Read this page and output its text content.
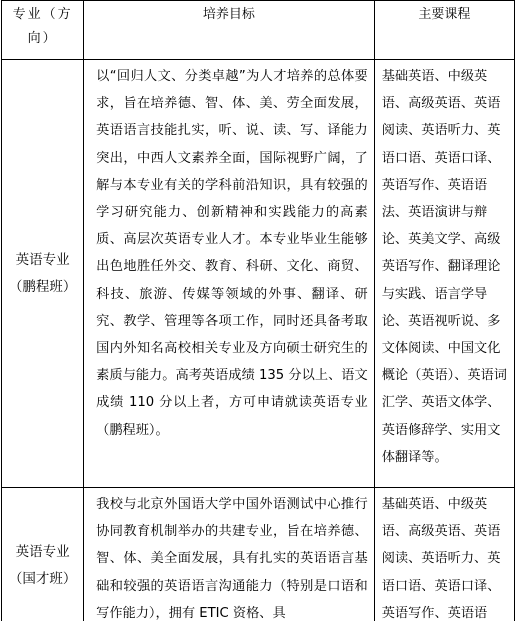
专业（方向）	培养目标	主要课程

英语专业
（鹏程班）	以“回归人文、分类卓越”为人才培养的总体要求，旨在培养德、智、体、美、劳全面发展，英语语言技能扎实，听、说、读、写、译能力突出，中西人文素养全面，国际视野广阔，了解与本专业有关的学科前沿知识，具有较强的学习研究能力、创新精神和实践能力的高素质、高层次英语专业人才。本专业毕业生能够出色地胜任外交、教育、科研、文化、商贸、科技、旅游、传媒等领域的外事、翻译、研究、教学、管理等各项工作，同时还具备考取国内外知名高校相关专业及方向硕士研究生的素质与能力。高考英语成绩 135 分以上、语文成绩 110 分以上者，方可申请就读英语专业（鹏程班）。	基础英语、中级英语、高级英语、英语阅读、英语听力、英语口语、英语口译、英语写作、英语语法、英语演讲与辩论、英美文学、高级英语写作、翻译理论与实践、语言学导论、英语视听说、多文体阅读、中国文化概论（英语）、英语词汇学、英语文体学、英语修辞学、实用文体翻译等。

英语专业
（国才班）	我校与北京外国语大学中国外语测试中心推行协同教育机制举办的共建专业，旨在培养德、智、体、美全面发展，具有扎实的英语语言基础和较强的英语语言沟通能力（特别是口语和写作能力），拥有 ETIC 资格、具	基础英语、中级英语、高级英语、英语阅读、英语听力、英语口语、英语口译、英语写作、英语语
